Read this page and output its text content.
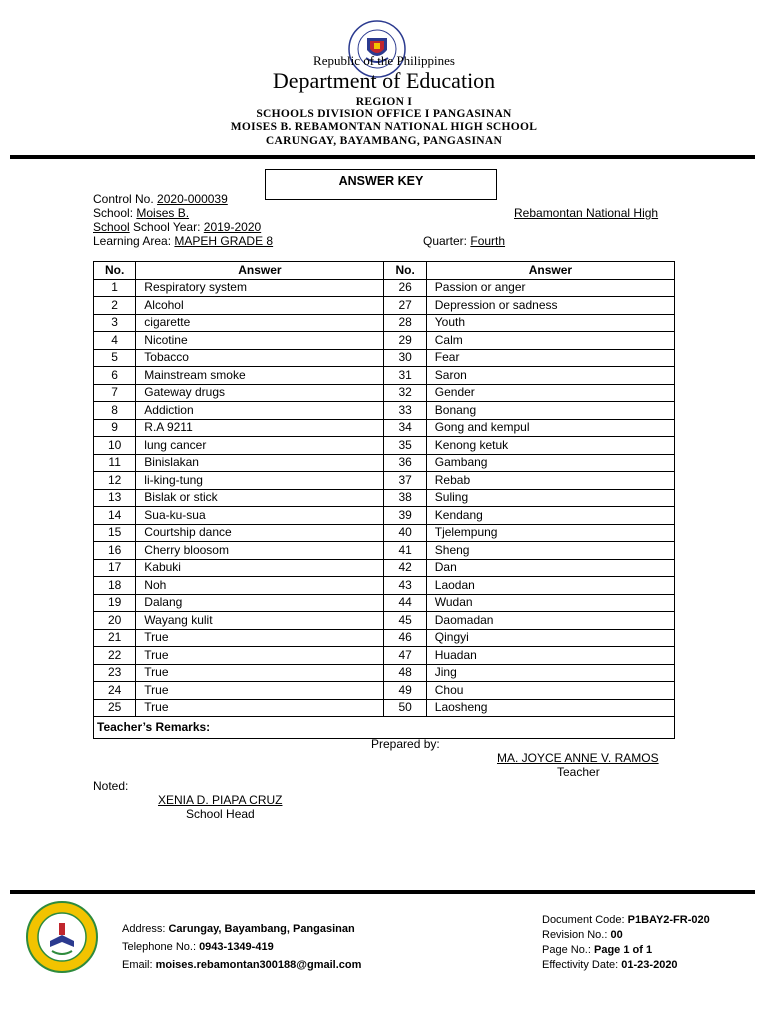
Republic of the Philippines
Department of Education
REGION I
SCHOOLS DIVISION OFFICE I PANGASINAN
MOISES B. REBAMONTAN NATIONAL HIGH SCHOOL
CARUNGAY, BAYAMBANG, PANGASINAN
ANSWER KEY
Control No. 2020-000039
School: Moises B.	Rebamontan National High
School School Year: 2019-2020
Learning Area: MAPEH GRADE 8	Quarter: Fourth
No.	Answer	No.	Answer
1	Respiratory system	26	Passion or anger
2	Alcohol	27	Depression or sadness
3	cigarette	28	Youth
4	Nicotine	29	Calm
5	Tobacco	30	Fear
6	Mainstream smoke	31	Saron
7	Gateway drugs	32	Gender
8	Addiction	33	Bonang
9	R.A 9211	34	Gong and kempul
10	lung cancer	35	Kenong ketuk
11	Binislakan	36	Gambang
12	li-king-tung	37	Rebab
13	Bislak or stick	38	Suling
14	Sua-ku-sua	39	Kendang
15	Courtship dance	40	Tjelempung
16	Cherry bloosom	41	Sheng
17	Kabuki	42	Dan
18	Noh	43	Laodan
19	Dalang	44	Wudan
20	Wayang kulit	45	Daomadan
21	True	46	Qingyi
22	True	47	Huadan
23	True	48	Jing
24	True	49	Chou
25	True	50	Laosheng
Teacher’s Remarks:			
Prepared by:
MA. JOYCE ANNE V. RAMOS
Teacher
Noted:
XENIA D. PIAPA CRUZ
School Head
Address: Carungay, Bayambang, Pangasinan
Telephone No.: 0943-1349-419
Email: moises.rebamontan300188@gmail.com
Document Code: P1BAY2-FR-020
Revision No.: 00
Page No.: Page 1 of 1
Effectivity Date: 01-23-2020
